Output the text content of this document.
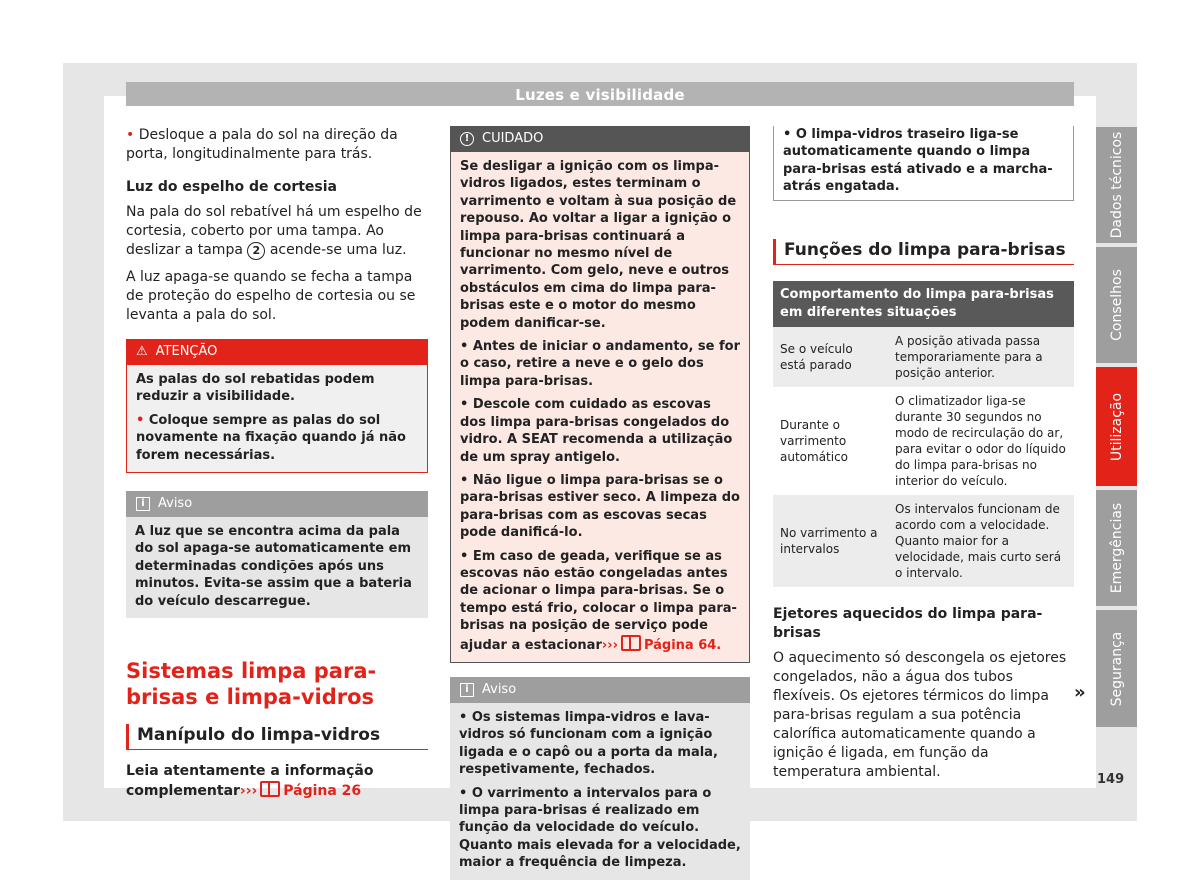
Luzes e visibilidade

• Desloque a pala do sol na direção da porta, longitudinalmente para trás.

Luz do espelho de cortesia

Na pala do sol rebatível há um espelho de cortesia, coberto por uma tampa. Ao deslizar a tampa 2 acende-se uma luz.

A luz apaga-se quando se fecha a tampa de proteção do espelho de cortesia ou se levanta a pala do sol.

⚠ ATENÇÃO

As palas do sol rebatidas podem reduzir a visibilidade.

• Coloque sempre as palas do sol novamente na fixação quando já não forem necessárias.

i	Aviso

A luz que se encontra acima da pala do sol apaga-se automaticamente em determinadas condições após uns minutos. Evita-se assim que a bateria do veículo descarregue.

Sistemas limpa para-brisas e limpa-vidros

Manípulo do limpa-vidros

Leia atentamente a informação complementar››› Página 26

! CUIDADO

Se desligar a ignição com os limpa-vidros ligados, estes terminam o varrimento e voltam à sua posição de repouso. Ao voltar a ligar a ignição o limpa para-brisas continuará a funcionar no mesmo nível de varrimento. Com gelo, neve e outros obstáculos em cima do limpa para-brisas este e o motor do mesmo podem danificar-se.

• Antes de iniciar o andamento, se for o caso, retire a neve e o gelo dos limpa para-brisas.

• Descole com cuidado as escovas dos limpa para-brisas congelados do vidro. A SEAT recomenda a utilização de um spray antigelo.

• Não ligue o limpa para-brisas se o para-brisas estiver seco. A limpeza do para-brisas com as escovas secas pode danificá-lo.

• Em caso de geada, verifique se as escovas não estão congeladas antes de acionar o limpa para-brisas. Se o tempo está frio, colocar o limpa para-brisas na posição de serviço pode ajudar a estacionar››› Página 64.

i	Aviso

• Os sistemas limpa-vidros e lava-vidros só funcionam com a ignição ligada e o capô ou a porta da mala, respetivamente, fechados.

• O varrimento a intervalos para o limpa para-brisas é realizado em função da velocidade do veículo. Quanto mais elevada for a velocidade, maior a frequência de limpeza.

• O limpa-vidros traseiro liga-se automaticamente quando o limpa para-brisas está ativado e a marcha-atrás engatada.

Funções do limpa para-brisas

Comportamento do limpa para-brisas em diferentes situações	
Se o veículo está parado	A posição ativada passa temporariamente para a posição anterior.
Durante o varrimento automático	O climatizador liga-se durante 30 segundos no modo de recirculação do ar, para evitar o odor do líquido do limpa para-brisas no interior do veículo.
No varrimento a intervalos	Os intervalos funcionam de acordo com a velocidade. Quanto maior for a velocidade, mais curto será o intervalo.

Ejetores aquecidos do limpa para-brisas

O aquecimento só descongela os ejetores congelados, não a água dos tubos flexíveis. Os ejetores térmicos do limpa para-brisas regulam a sua potência calorífica automaticamente quando a ignição é ligada, em função da temperatura ambiental.

»
Dados técnicos
Conselhos
Utilização
Emergências
Segurança
149
